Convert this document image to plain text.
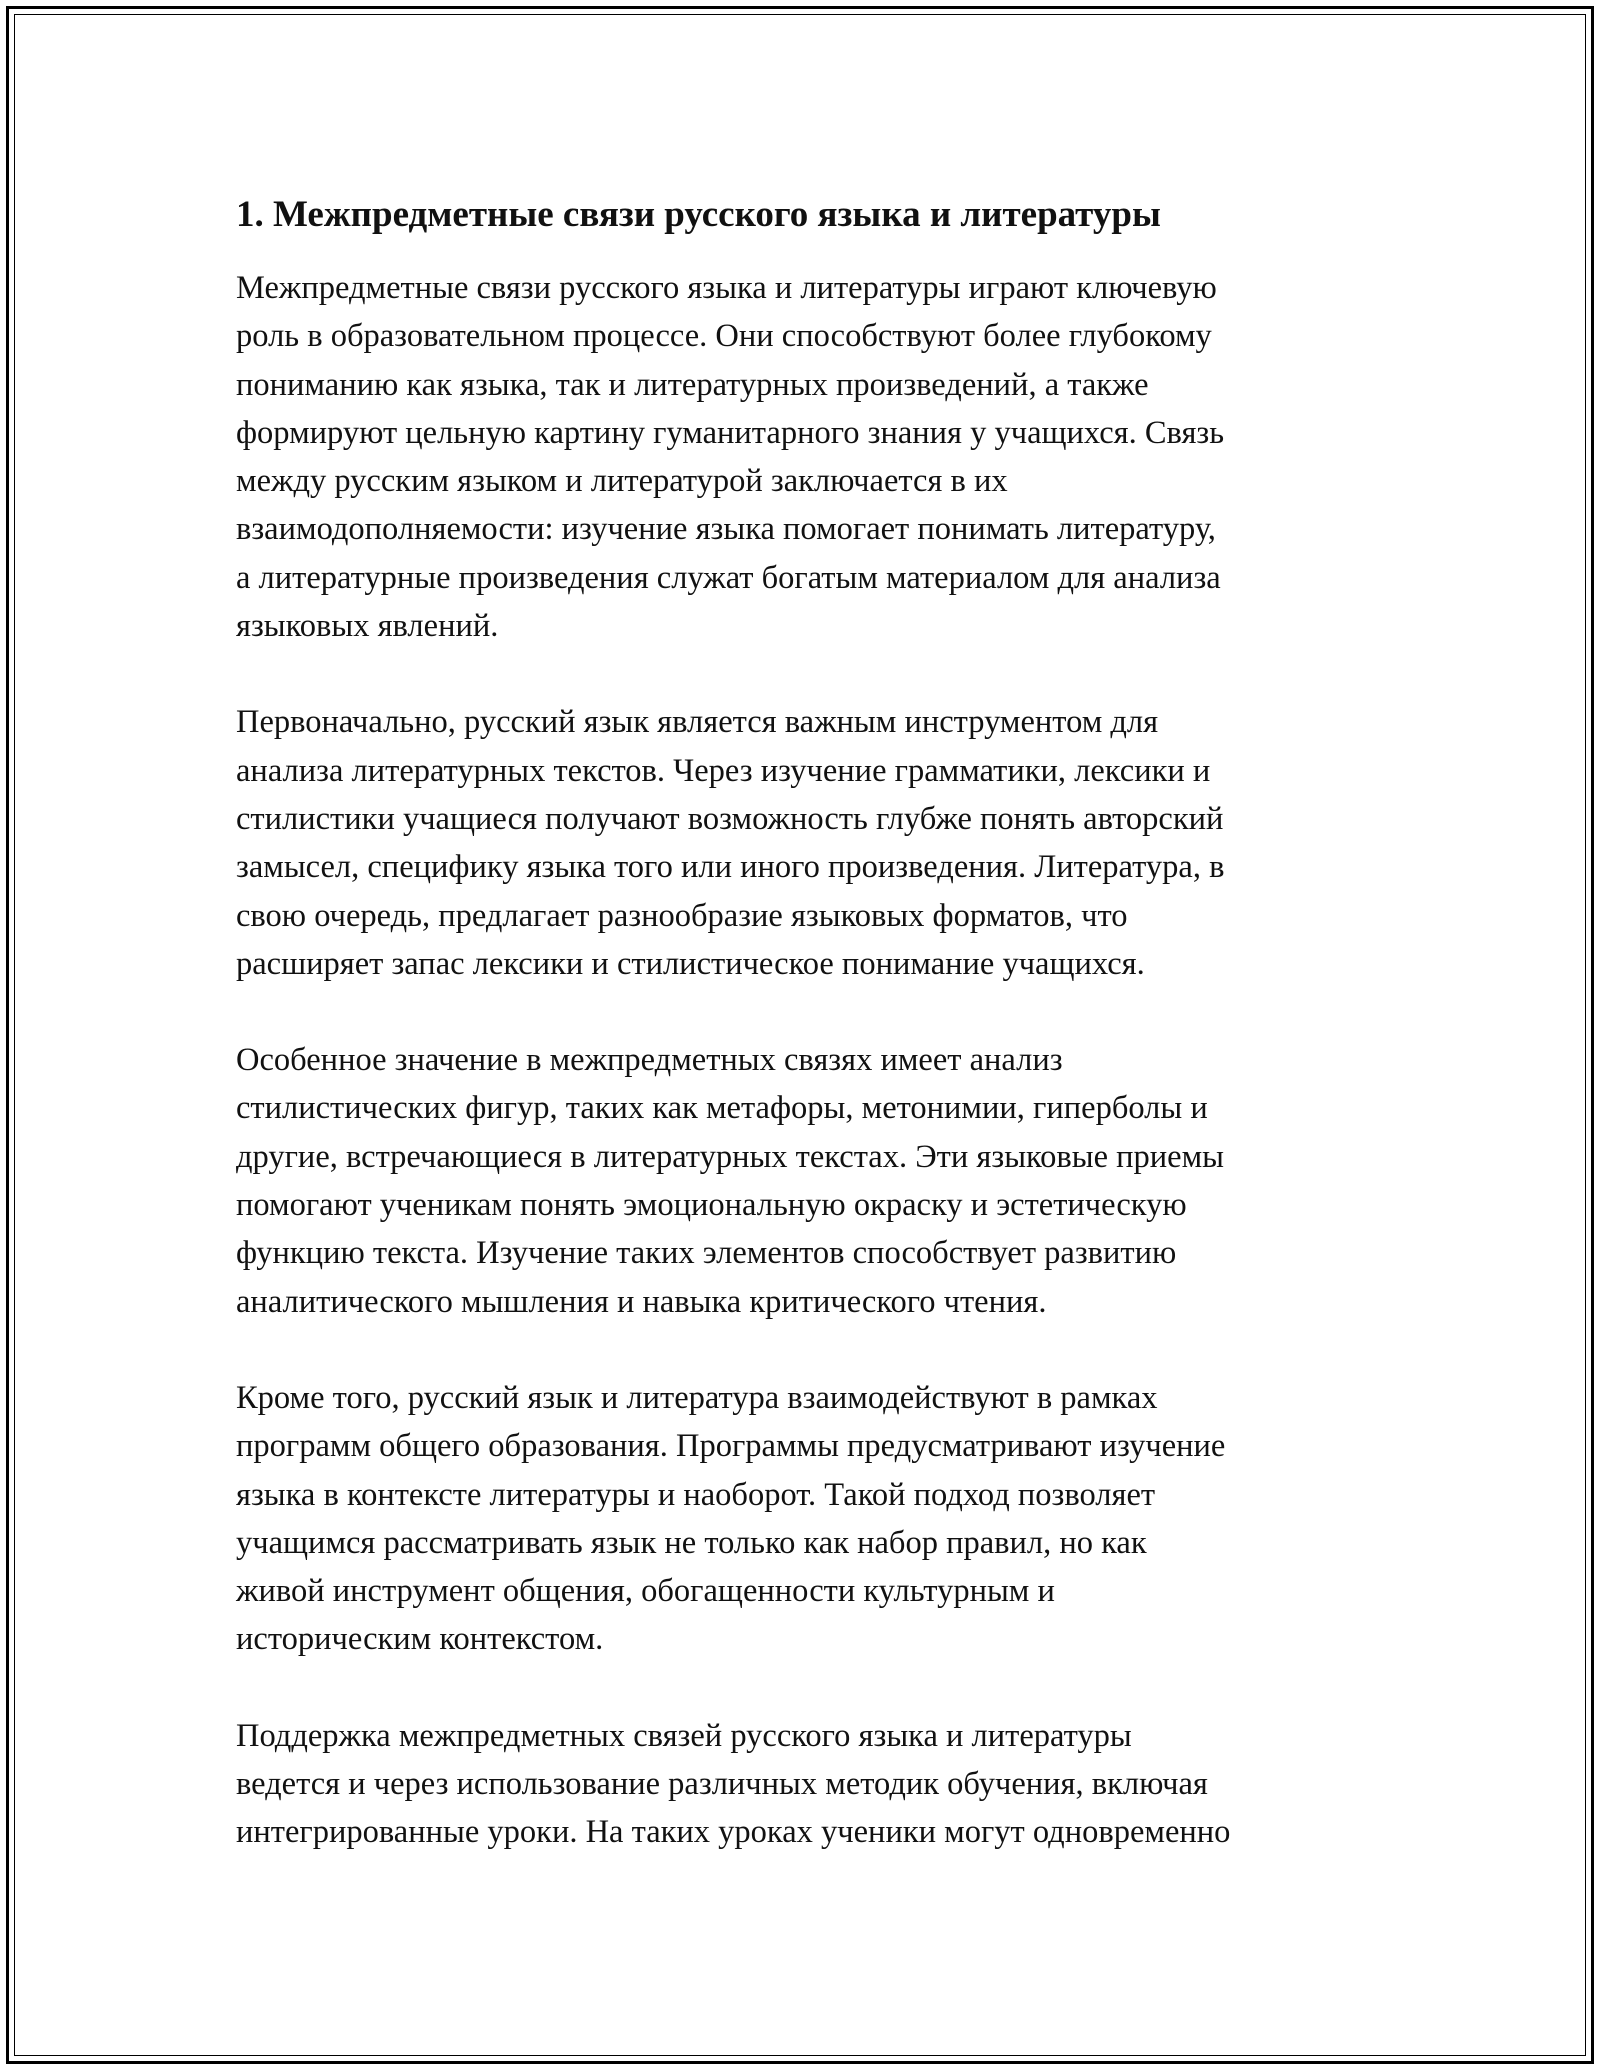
1. Межпредметные связи русского языка и литературы

Межпредметные связи русского языка и литературы играют ключевую
роль в образовательном процессе. Они способствуют более глубокому
пониманию как языка, так и литературных произведений, а также
формируют цельную картину гуманитарного знания у учащихся. Связь
между русским языком и литературой заключается в их
взаимодополняемости: изучение языка помогает понимать литературу,
а литературные произведения служат богатым материалом для анализа
языковых явлений.

Первоначально, русский язык является важным инструментом для
анализа литературных текстов. Через изучение грамматики, лексики и
стилистики учащиеся получают возможность глубже понять авторский
замысел, специфику языка того или иного произведения. Литература, в
свою очередь, предлагает разнообразие языковых форматов, что
расширяет запас лексики и стилистическое понимание учащихся.

Особенное значение в межпредметных связях имеет анализ
стилистических фигур, таких как метафоры, метонимии, гиперболы и
другие, встречающиеся в литературных текстах. Эти языковые приемы
помогают ученикам понять эмоциональную окраску и эстетическую
функцию текста. Изучение таких элементов способствует развитию
аналитического мышления и навыка критического чтения.

Кроме того, русский язык и литература взаимодействуют в рамках
программ общего образования. Программы предусматривают изучение
языка в контексте литературы и наоборот. Такой подход позволяет
учащимся рассматривать язык не только как набор правил, но как
живой инструмент общения, обогащенности культурным и
историческим контекстом.

Поддержка межпредметных связей русского языка и литературы
ведется и через использование различных методик обучения, включая
интегрированные уроки. На таких уроках ученики могут одновременно
